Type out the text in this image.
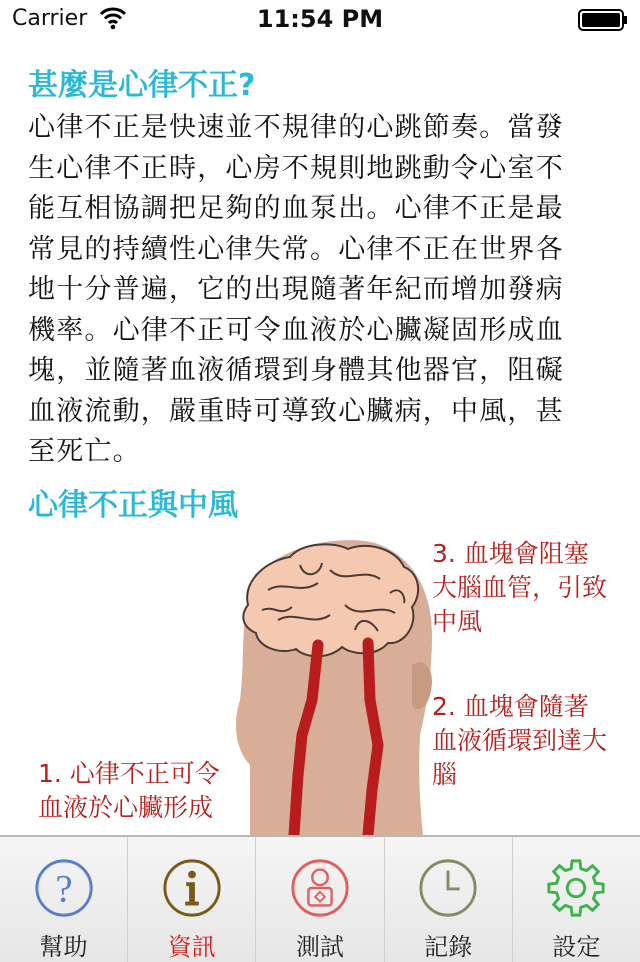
Carrier	11:54 PM
甚麼是心律不正?
心律不正是快速並不規律的心跳節奏。當發
生心律不正時，心房不規則地跳動令心室不
能互相協調把足夠的血泵出。心律不正是最
常見的持續性心律失常。心律不正在世界各
地十分普遍，它的出現隨著年紀而增加發病
機率。心律不正可令血液於心臟凝固形成血
塊，並隨著血液循環到身體其他器官，阻礙
血液流動，嚴重時可導致心臟病，中風，甚
至死亡。
心律不正與中風
3. 血塊會阻塞
大腦血管，引致
中風
2. 血塊會隨著
血液循環到達大
腦
1. 心律不正可令
血液於心臟形成
?
幫助	資訊	測試	記錄	設定
